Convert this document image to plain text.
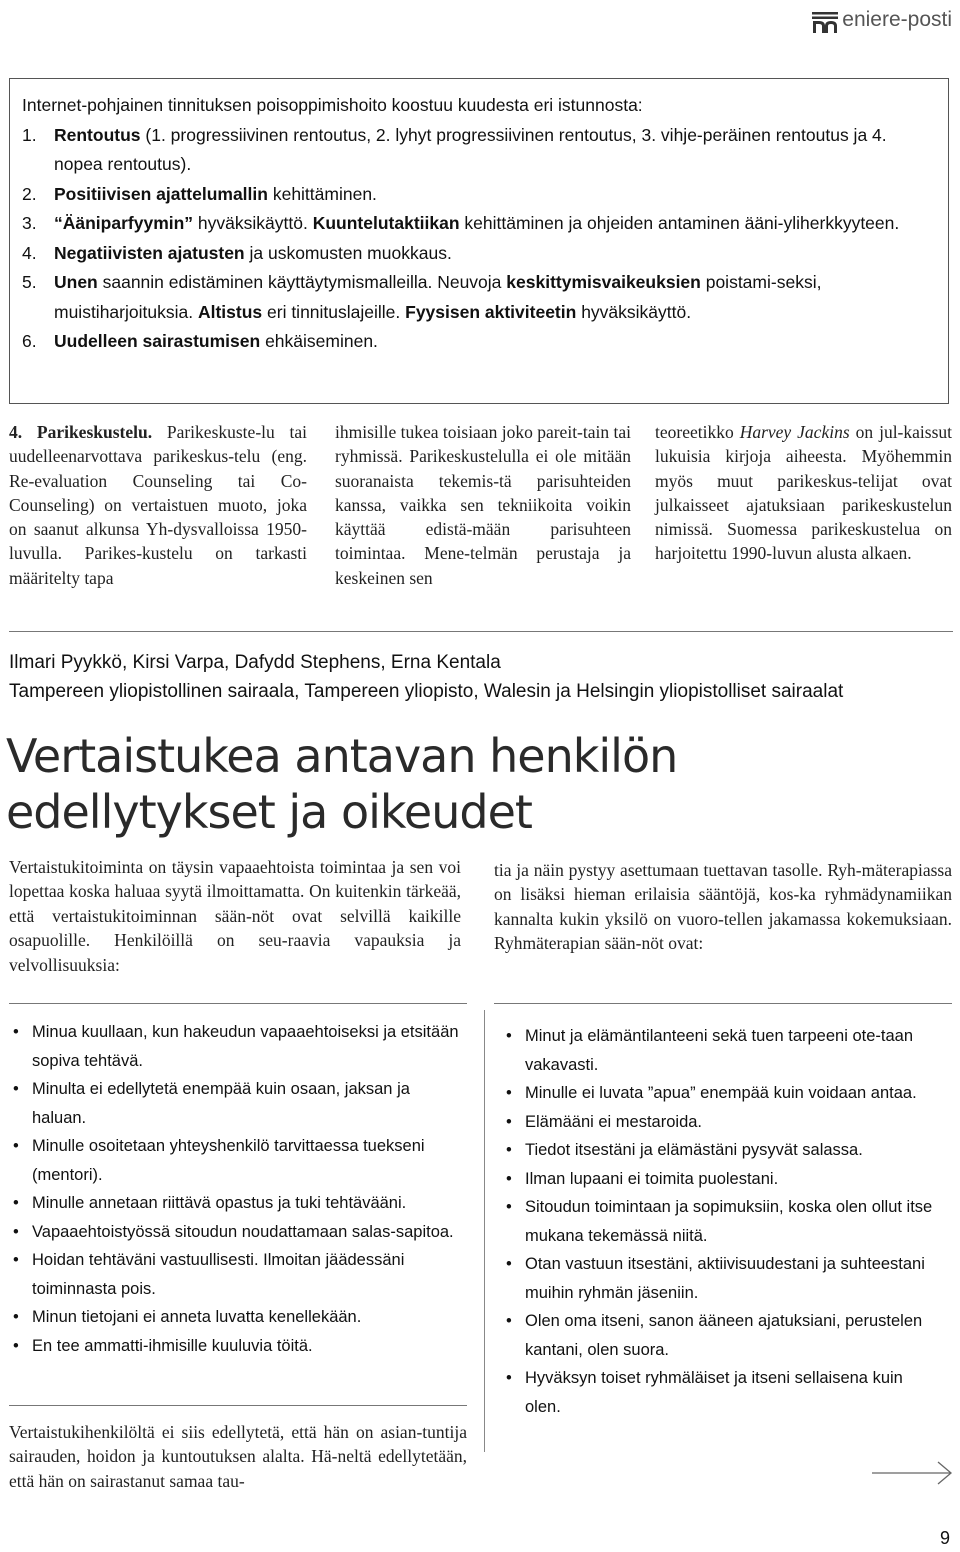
eniere-posti
Internet-pohjainen tinnituksen poisoppimishoito koostuu kuudesta eri istunnosta:
1. Rentoutus (1. progressiivinen rentoutus, 2. lyhyt progressiivinen rentoutus, 3. vihje-peräinen rentoutus ja 4. nopea rentoutus).
2. Positiivisen ajattelumallin kehittäminen.
3. “Ääniparfyymin” hyväksikäyttö. Kuuntelutaktiikan kehittäminen ja ohjeiden antaminen ääni-yliherkkyyteen.
4. Negatiivisten ajatusten ja uskomusten muokkaus.
5. Unen saannin edistäminen käyttäytymismalleilla. Neuvoja keskittymisvaikeuksien poistami-seksi, muistiharjoituksia. Altistus eri tinnituslajeille. Fyysisen aktiviteetin hyväksikäyttö.
6. Uudelleen sairastumisen ehkäiseminen.
4. Parikeskustelu. Parikeskuste-lu tai uudelleenarvottava parikeskus-telu (eng. Re-evaluation Counseling tai Co-Counseling) on vertaistuen muoto, joka on saanut alkunsa Yh-dysvalloissa 1950-luvulla. Parikes-kustelu on tarkasti määritelty tapa
ihmisille tukea toisiaan joko pareit-tain tai ryhmissä. Parikeskustelulla ei ole mitään suoranaista tekemis-tä parisuhteiden kanssa, vaikka sen tekniikoita voikin käyttää edistä-mään parisuhteen toimintaa. Mene-telmän perustaja ja keskeinen sen
teoreetikko Harvey Jackins on jul-kaissut lukuisia kirjoja aiheesta. Myöhemmin myös muut parikeskus-telijat ovat julkaisseet ajatuksiaan parikeskustelun nimissä. Suomessa parikeskustelua on harjoitettu 1990-luvun alusta alkaen.
Ilmari Pyykkö, Kirsi Varpa, Dafydd Stephens, Erna Kentala
Tampereen yliopistollinen sairaala, Tampereen yliopisto, Walesin ja Helsingin yliopistolliset sairaalat
Vertaistukea antavan henkilön
edellytykset ja oikeudet
Vertaistukitoiminta on täysin vapaaehtoista toimintaa ja sen voi lopettaa koska haluaa syytä ilmoittamatta. On kuitenkin tärkeää, että vertaistukitoiminnan sään-nöt ovat selvillä kaikille osapuolille. Henkilöillä on seu-raavia vapauksia ja velvollisuuksia:
tia ja näin pystyy asettumaan tuettavan tasolle. Ryh-mäterapiassa on lisäksi hieman erilaisia sääntöjä, kos-ka ryhmädynamiikan kannalta kukin yksilö on vuoro-tellen jakamassa kokemuksiaan. Ryhmäterapian sään-nöt ovat:
• Minua kuullaan, kun hakeudun vapaaehtoiseksi ja etsitään sopiva tehtävä.
• Minulta ei edellytetä enempää kuin osaan, jaksan ja haluan.
• Minulle osoitetaan yhteyshenkilö tarvittaessa tuekseni (mentori).
• Minulle annetaan riittävä opastus ja tuki tehtävääni.
• Vapaaehtoistyössä sitoudun noudattamaan salas-sapitoa.
• Hoidan tehtäväni vastuullisesti. Ilmoitan jäädessäni toiminnasta pois.
• Minun tietojani ei anneta luvatta kenellekään.
• En tee ammatti-ihmisille kuuluvia töitä.
• Minut ja elämäntilanteeni sekä tuen tarpeeni ote-taan vakavasti.
• Minulle ei luvata ”apua” enempää kuin voidaan antaa.
• Elämääni ei mestaroida.
• Tiedot itsestäni ja elämästäni pysyvät salassa.
• Ilman lupaani ei toimita puolestani.
• Sitoudun toimintaan ja sopimuksiin, koska olen ollut itse mukana tekemässä niitä.
• Otan vastuun itsestäni, aktiivisuudestani ja suhteestani muihin ryhmän jäseniin.
• Olen oma itseni, sanon ääneen ajatuksiani, perustelen kantani, olen suora.
• Hyväksyn toiset ryhmäläiset ja itseni sellaisena kuin olen.
Vertaistukihenkilöltä ei siis edellytetä, että hän on asian-tuntija sairauden, hoidon ja kuntoutuksen alalta. Hä-neltä edellytetään, että hän on sairastanut samaa tau-
9
